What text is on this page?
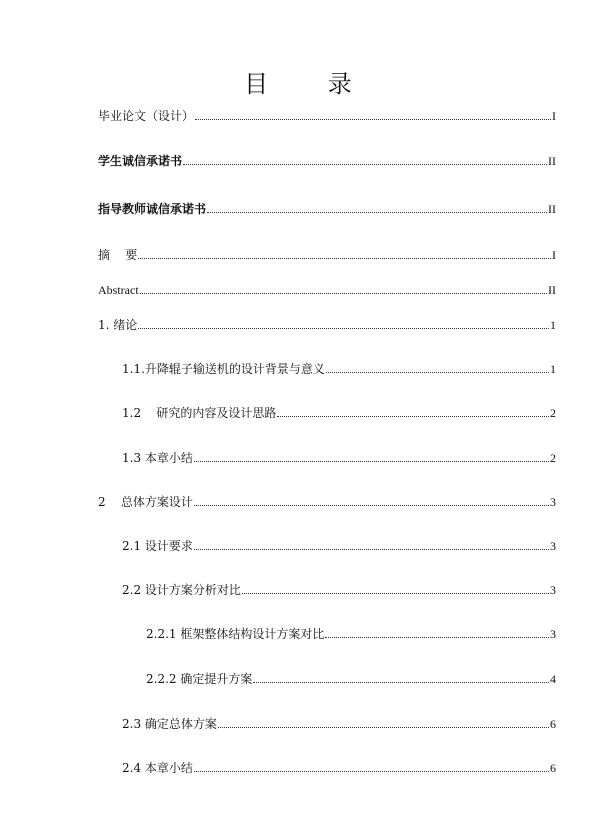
目 录
毕业论文（设计）	I
学生诚信承诺书	II
指导教师诚信承诺书	II
摘    要	I
Abstract	II
1. 绪论	1
1.1.升降辊子输送机的设计背景与意义	1
1.2    研究的内容及设计思路	2
1.3 本章小结	2
2    总体方案设计	3
2.1 设计要求	3
2.2 设计方案分析对比	3
2.2.1 框架整体结构设计方案对比	3
2.2.2 确定提升方案	4
2.3 确定总体方案	6
2.4 本章小结	6
